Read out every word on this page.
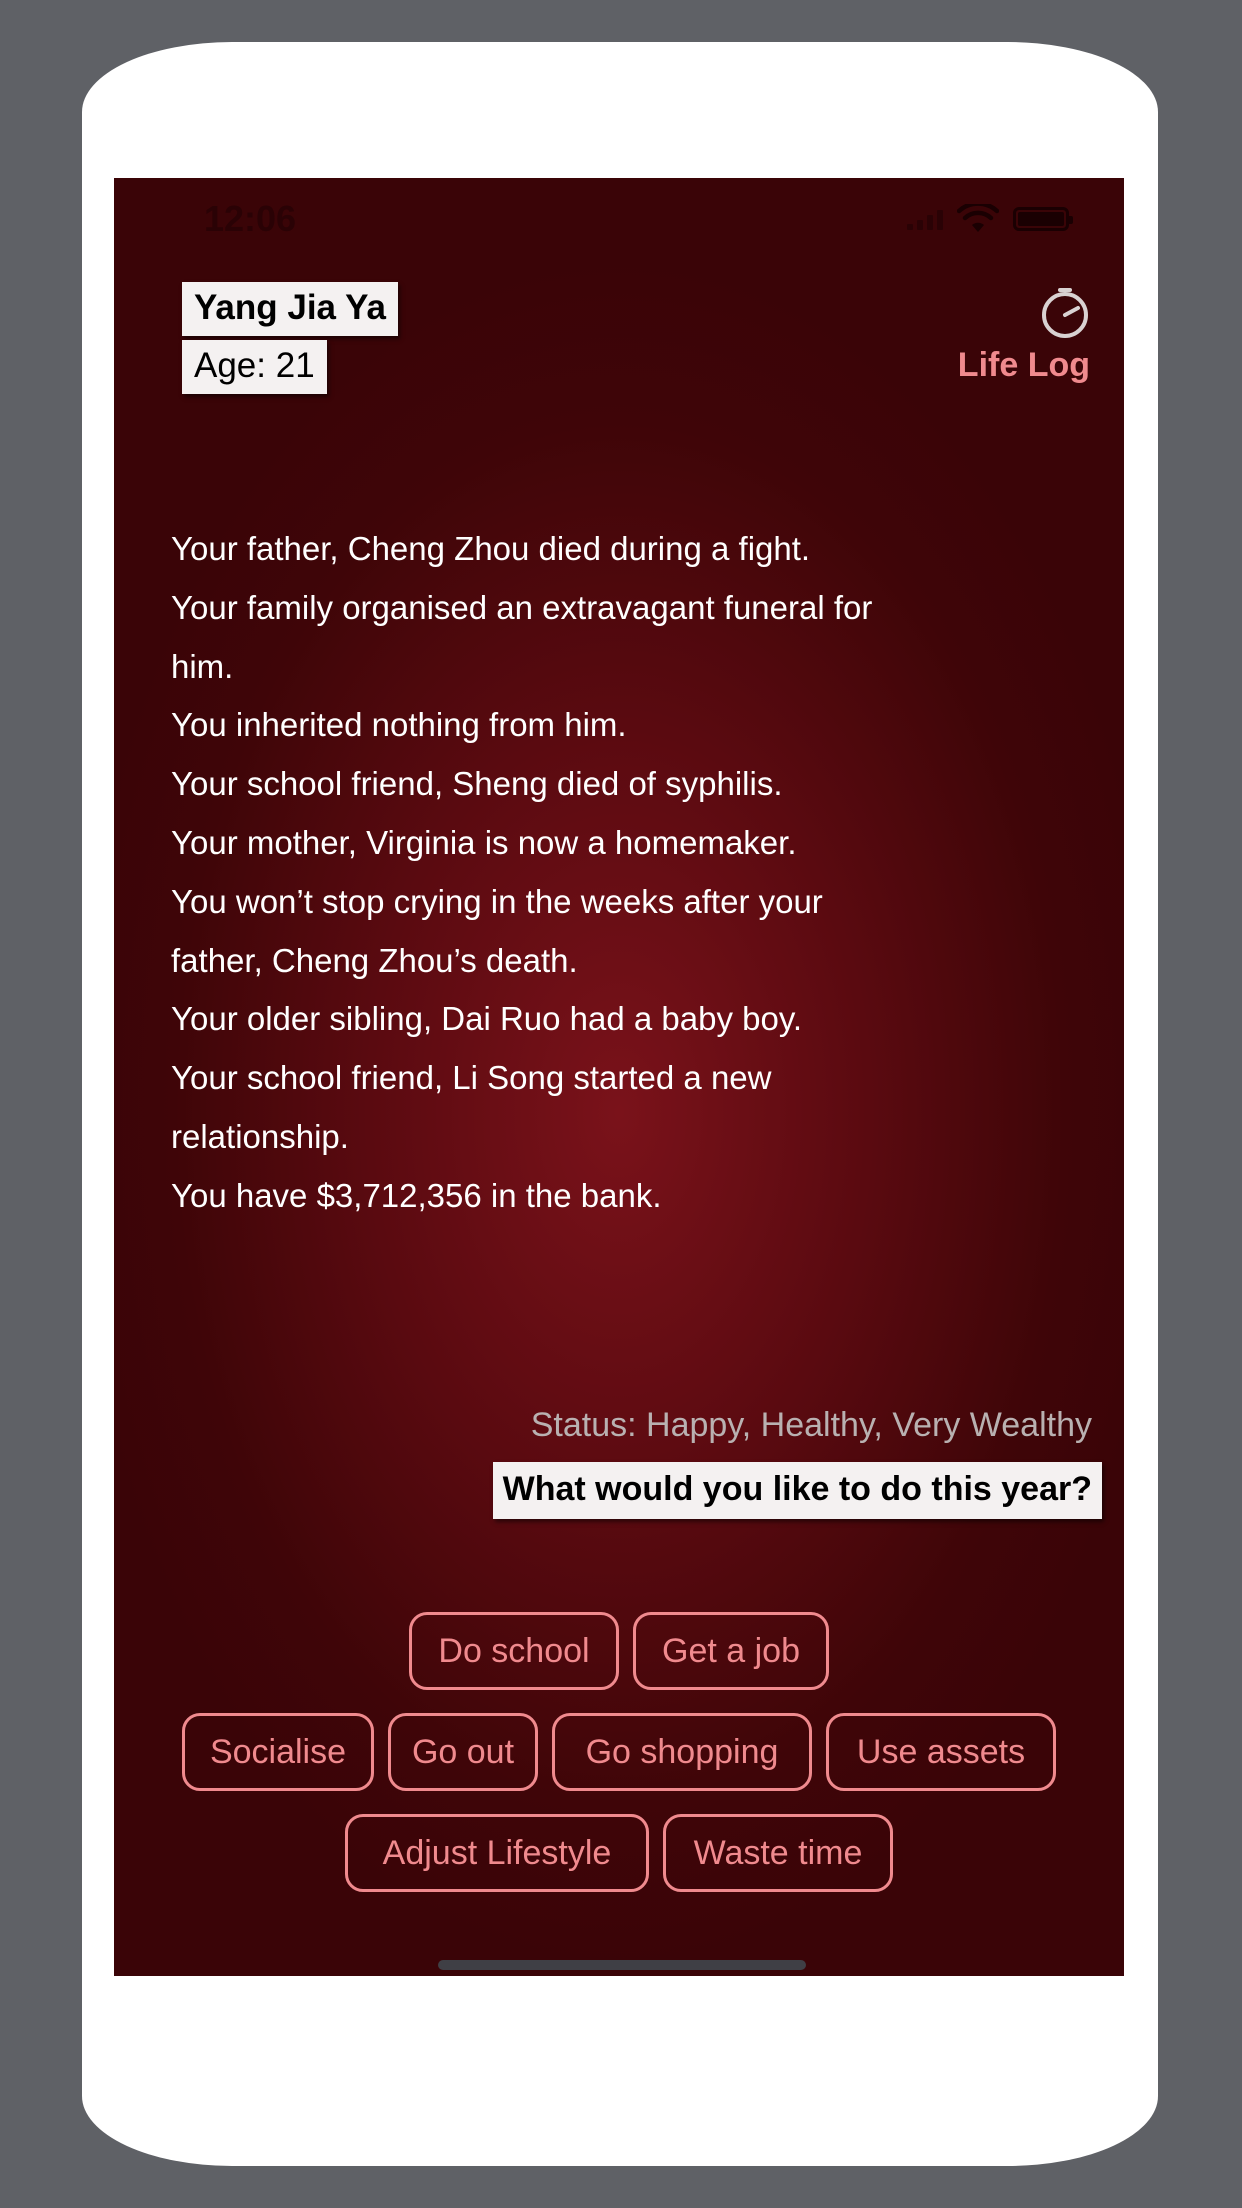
12:06
Yang Jia Ya
Age: 21	Life Log

Your father, Cheng Zhou died during a fight.

Your family organised an extravagant funeral for

him.

You inherited nothing from him.

Your school friend, Sheng died of syphilis.

Your mother, Virginia is now a homemaker.

You won’t stop crying in the weeks after your

father, Cheng Zhou’s death.

Your older sibling, Dai Ruo had a baby boy.

Your school friend, Li Song started a new

relationship.

You have $3,712,356 in the bank.

Status: Happy, Healthy, Very Wealthy
What would you like to do this year?
Do school	Get a job
Socialise	Go out	Go shopping	Use assets
Adjust Lifestyle	Waste time
